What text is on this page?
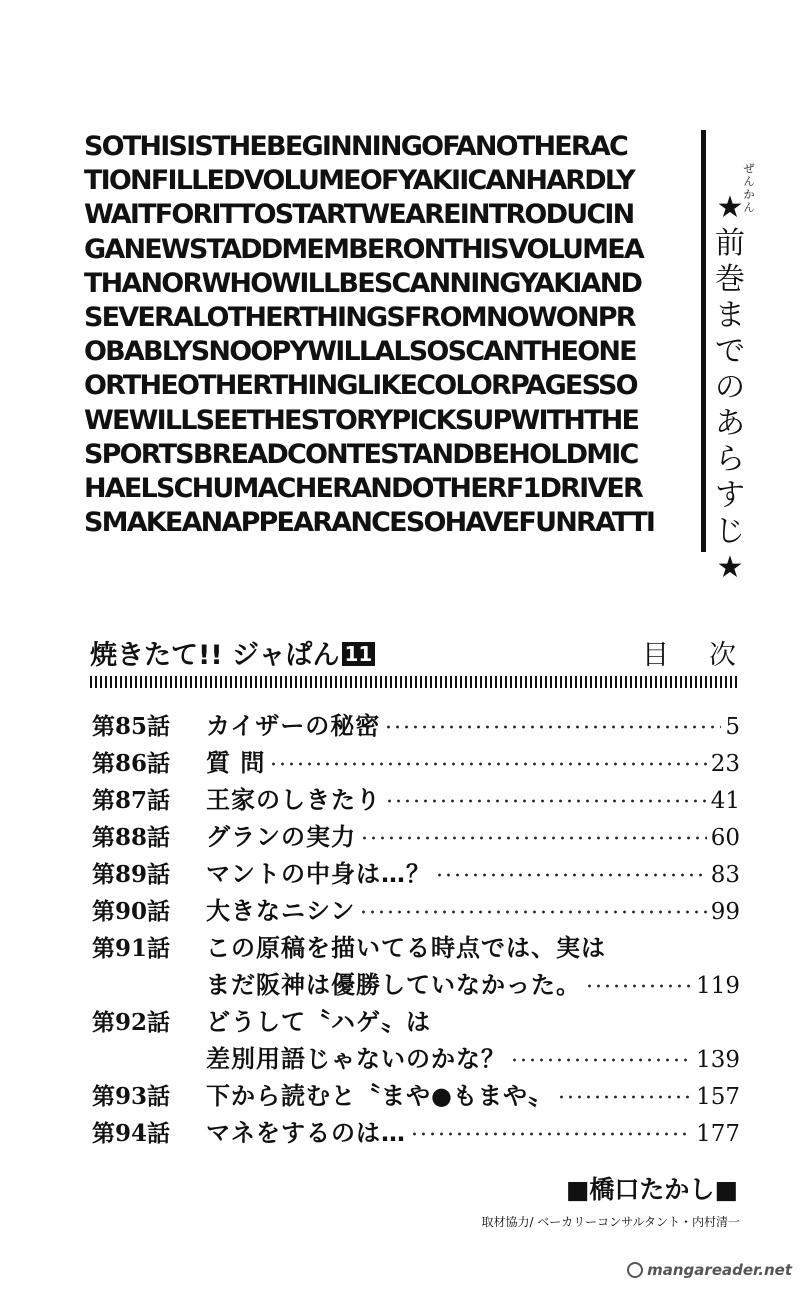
SOTHISISTHEBEGINNINGOFANOTHERAC
TIONFILLEDVOLUMEOFYAKIICANHARDLY
WAITFORITTOSTARTWEAREINTRODUCIN
GANEWSTADDMEMBERONTHISVOLUMEA
THANORWHOWILLBESCANNINGYAKIAND
SEVERALOTHERTHINGSFROMNOWONPR
OBABLYSNOOPYWILLALSOSCANTHEONE
ORTHEOTHERTHINGLIKECOLORPAGESSO
WEWILLSEETHESTORYPICKSUPWITHTHE
SPORTSBREADCONTESTANDBEHOLDMIC
HAELSCHUMACHERANDOTHERF1DRIVER
SMAKEANAPPEARANCESOHAVEFUNRATTI
ぜんかん
★前巻までのあらすじ★
焼きたて!! ジャぱん 11	目次
第85話 カイザーの秘密	5
第86話 質 問	23
第87話 王家のしきたり	41
第88話 グランの実力	60
第89話 マントの中身は…？	83
第90話 大きなニシン	99
第91話 この原稿を描いてる時点では、実は
まだ阪神は優勝していなかった。	119
第92話 どうして〝ハゲ〟は
差別用語じゃないのかな？	139
第93話 下から読むと〝まや●もまや〟	157
第94話 マネをするのは…	177
■橋口たかし■
取材協力/ ベーカリーコンサルタント・内村清一
mangareader.net
